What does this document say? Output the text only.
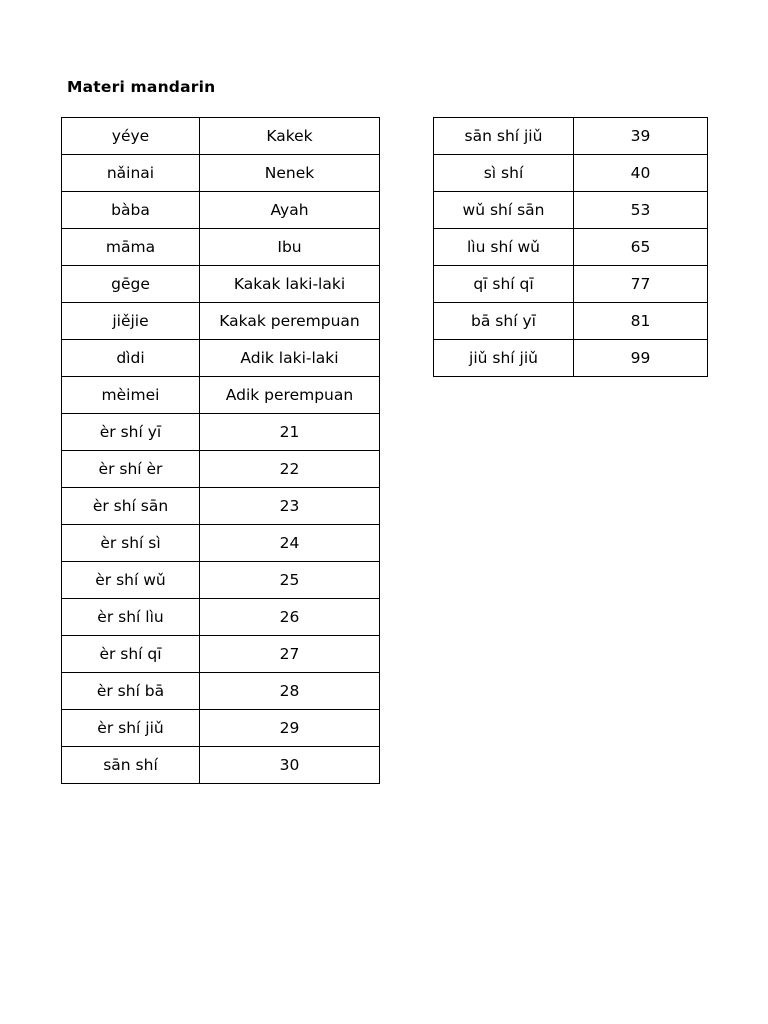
Materi mandarin
yéye	Kakek
nǎinai	Nenek
bàba	Ayah
māma	Ibu
gēge	Kakak laki-laki
jiějie	Kakak perempuan
dìdi	Adik laki-laki
mèimei	Adik perempuan
èr shí yī	21
èr shí èr	22
èr shí sān	23
èr shí sì	24
èr shí wǔ	25
èr shí lìu	26
èr shí qī	27
èr shí bā	28
èr shí jiǔ	29
sān shí	30
sān shí jiǔ	39
sì shí	40
wǔ shí sān	53
lìu shí wǔ	65
qī shí qī	77
bā shí yī	81
jiǔ shí jiǔ	99
